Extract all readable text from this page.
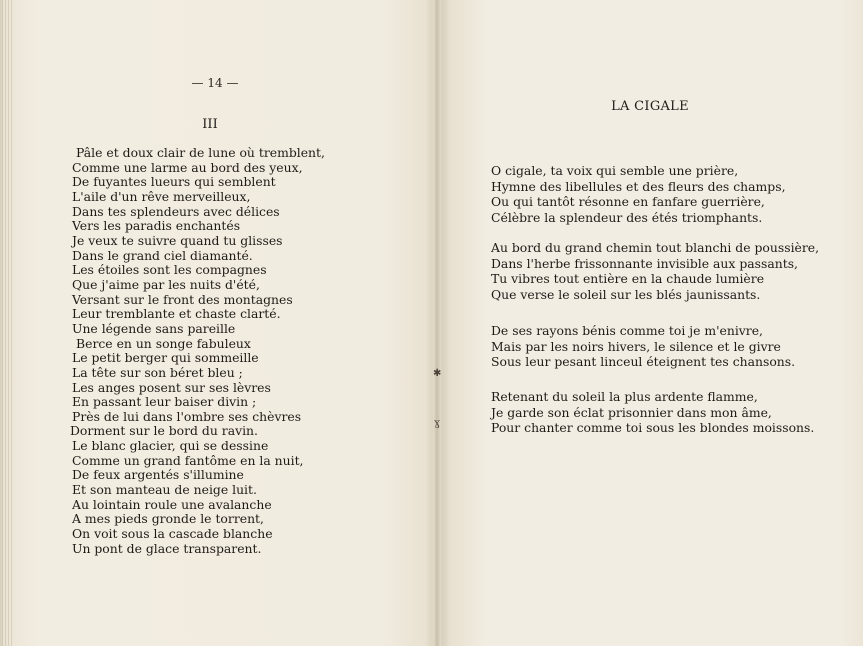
— 14 —
III
Pâle et doux clair de lune où tremblent,
Comme une larme au bord des yeux,
De fuyantes lueurs qui semblent
L'aile d'un rêve merveilleux,
Dans tes splendeurs avec délices
Vers les paradis enchantés
Je veux te suivre quand tu glisses
Dans le grand ciel diamanté.
Les étoiles sont les compagnes
Que j'aime par les nuits d'été,
Versant sur le front des montagnes
Leur tremblante et chaste clarté.
Une légende sans pareille
Berce en un songe fabuleux
Le petit berger qui sommeille
La tête sur son béret bleu ;
Les anges posent sur ses lèvres
En passant leur baiser divin ;
Près de lui dans l'ombre ses chèvres
Dorment sur le bord du ravin.
Le blanc glacier, qui se dessine
Comme un grand fantôme en la nuit,
De feux argentés s'illumine
Et son manteau de neige luit.
Au lointain roule une avalanche
A mes pieds gronde le torrent,
On voit sous la cascade blanche
Un pont de glace transparent.
✱
ɣ
LA CIGALE
O cigale, ta voix qui semble une prière,
Hymne des libellules et des fleurs des champs,
Ou qui tantôt résonne en fanfare guerrière,
Célèbre la splendeur des étés triomphants.
Au bord du grand chemin tout blanchi de poussière,
Dans l'herbe frissonnante invisible aux passants,
Tu vibres tout entière en la chaude lumière
Que verse le soleil sur les blés jaunissants.
De ses rayons bénis comme toi je m'enivre,
Mais par les noirs hivers, le silence et le givre
Sous leur pesant linceul éteignent tes chansons.
Retenant du soleil la plus ardente flamme,
Je garde son éclat prisonnier dans mon âme,
Pour chanter comme toi sous les blondes moissons.
